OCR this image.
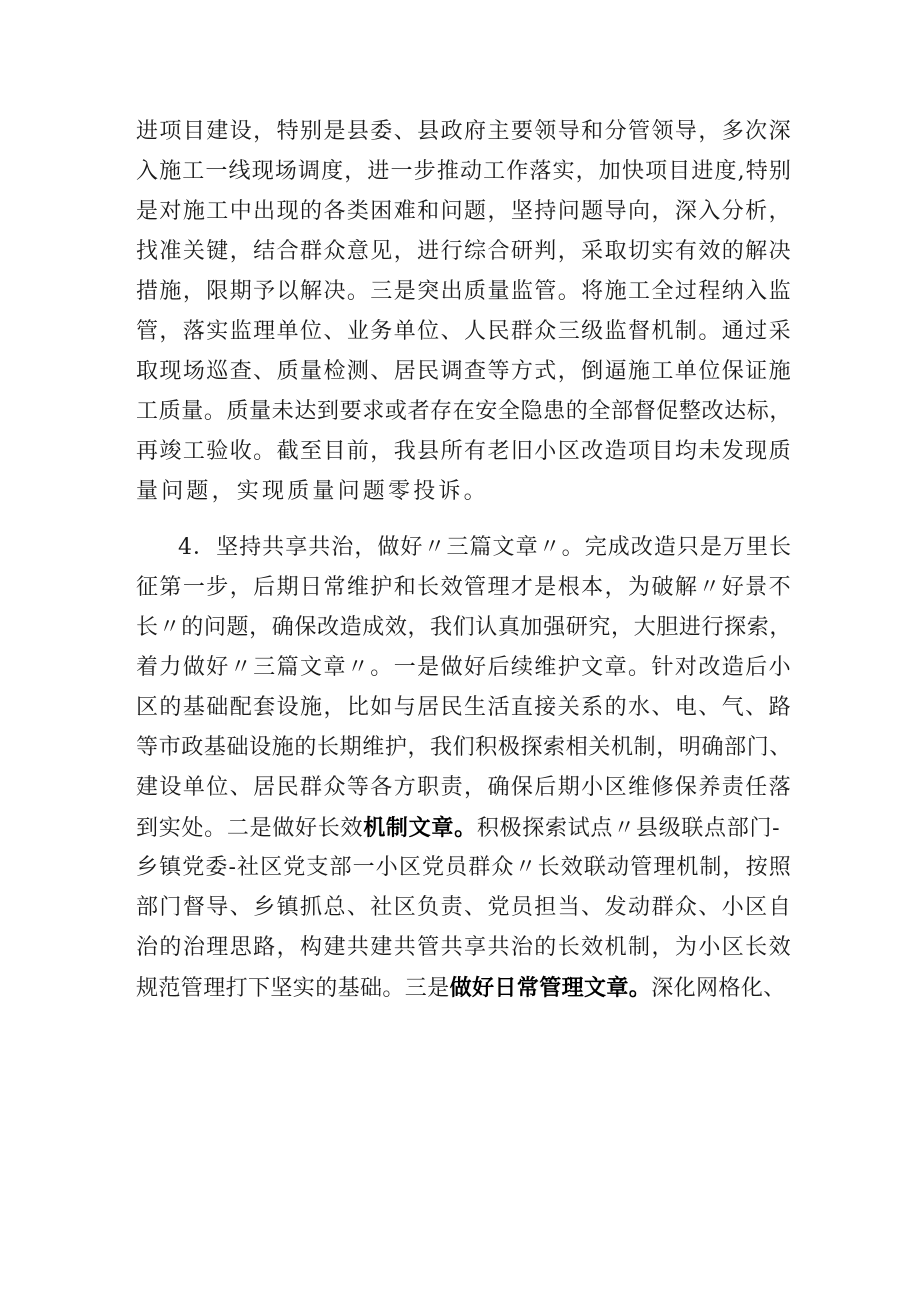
进项目建设，特别是县委、县政府主要领导和分管领导，多次深
入施工一线现场调度，进一步推动工作落实，加快项目进度,特别
是对施工中出现的各类困难和问题，坚持问题导向，深入分析，
找准关键，结合群众意见，进行综合研判，采取切实有效的解决
措施，限期予以解决。三是突出质量监管。将施工全过程纳入监
管，落实监理单位、业务单位、人民群众三级监督机制。通过采
取现场巡查、质量检测、居民调查等方式，倒逼施工单位保证施
工质量。质量未达到要求或者存在安全隐患的全部督促整改达标，
再竣工验收。截至目前，我县所有老旧小区改造项目均未发现质
量问题，实现质量问题零投诉。
4．坚持共享共治，做好〃三篇文章〃。完成改造只是万里长
征第一步，后期日常维护和长效管理才是根本，为破解〃好景不
长〃的问题，确保改造成效，我们认真加强研究，大胆进行探索，
着力做好〃三篇文章〃。一是做好后续维护文章。针对改造后小
区的基础配套设施，比如与居民生活直接关系的水、电、气、路
等市政基础设施的长期维护，我们积极探索相关机制，明确部门、
建设单位、居民群众等各方职责，确保后期小区维修保养责任落
到实处。二是做好长效机制文章。积极探索试点〃县级联点部门-
乡镇党委-社区党支部一小区党员群众〃长效联动管理机制，按照
部门督导、乡镇抓总、社区负责、党员担当、发动群众、小区自
治的治理思路，构建共建共管共享共治的长效机制，为小区长效
规范管理打下坚实的基础。三是做好日常管理文章。深化网格化、
